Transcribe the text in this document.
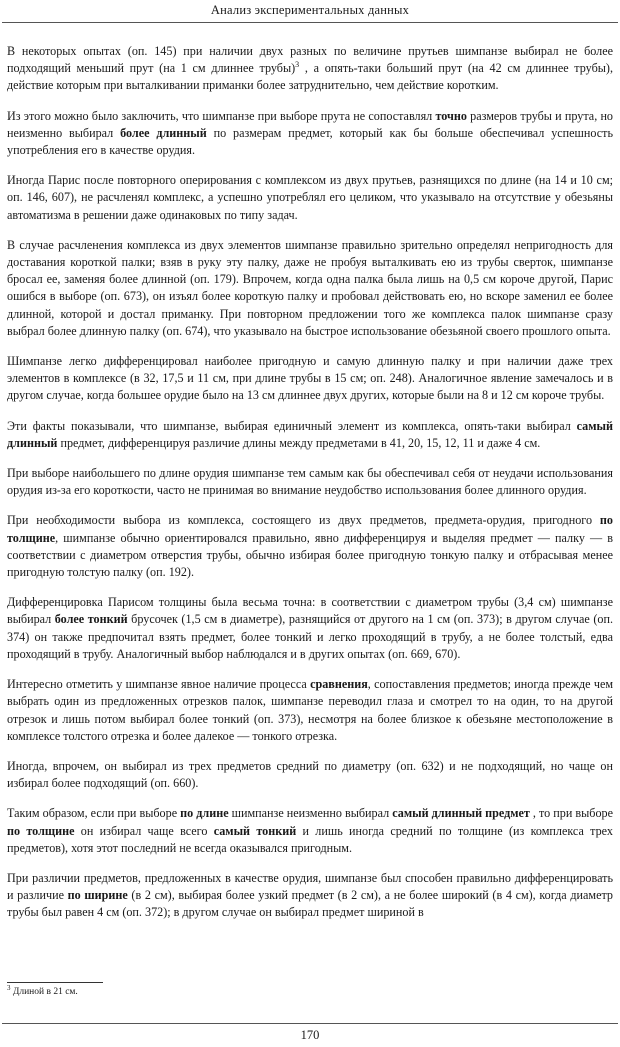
Анализ экспериментальных данных

В некоторых опытах (оп. 145) при наличии двух разных по величине прутьев шимпанзе выбирал не более подходящий меньший прут (на 1 см длиннее трубы)$^3$ , а опять-таки больший прут (на 42 см длиннее трубы), действие которым при выталкивании приманки более затруднительно, чем действие коротким.

Из этого можно было заключить, что шимпанзе при выборе прута не сопоставлял точно размеров трубы и прута, но неизменно выбирал более длинный по размерам предмет, который как бы больше обеспечивал успешность употребления его в качестве орудия.

Иногда Парис после повторного оперирования с комплексом из двух прутьев, разнящихся по длине (на 14 и 10 см; оп. 146, 607), не расчленял комплекс, а успешно употреблял его целиком, что указывало на отсутствие у обезьяны автоматизма в решении даже одинаковых по типу задач.

В случае расчленения комплекса из двух элементов шимпанзе правильно зрительно определял непригодность для доставания короткой палки; взяв в руку эту палку, даже не пробуя выталкивать ею из трубы сверток, шимпанзе бросал ее, заменяя более длинной (оп. 179). Впрочем, когда одна палка была лишь на 0,5 см короче другой, Парис ошибся в выборе (оп. 673), он изъял более короткую палку и пробовал действовать ею, но вскоре заменил ее более длинной, которой и достал приманку. При повторном предложении того же комплекса палок шимпанзе сразу выбрал более длинную палку (оп. 674), что указывало на быстрое использование обезьяной своего прошлого опыта.

Шимпанзе легко дифференцировал наиболее пригодную и самую длинную палку и при наличии даже трех элементов в комплексе (в 32, 17,5 и 11 см, при длине трубы в 15 см; оп. 248). Аналогичное явление замечалось и в другом случае, когда большее орудие было на 13 см длиннее двух других, которые были на 8 и 12 см короче трубы.

Эти факты показывали, что шимпанзе, выбирая единичный элемент из комплекса, опять-таки выбирал самый длинный предмет, дифференцируя различие длины между предметами в 41, 20, 15, 12, 11 и даже 4 см.

При выборе наибольшего по длине орудия шимпанзе тем самым как бы обеспечивал себя от неудачи использования орудия из-за его короткости, часто не принимая во внимание неудобство использования более длинного орудия.

При необходимости выбора из комплекса, состоящего из двух предметов, предмета-орудия, пригодного по толщине, шимпанзе обычно ориентировался правильно, явно дифференцируя и выделяя предмет — палку — в соответствии с диаметром отверстия трубы, обычно избирая более пригодную тонкую палку и отбрасывая менее пригодную толстую палку (оп. 192).

Дифференцировка Парисом толщины была весьма точна: в соответствии с диаметром трубы (3,4 см) шимпанзе выбирал более тонкий брусочек (1,5 см в диаметре), разнящийся от другого на 1 см (оп. 373); в другом случае (оп. 374) он также предпочитал взять предмет, более тонкий и легко проходящий в трубу, а не более толстый, едва проходящий в трубу. Аналогичный выбор наблюдался и в других опытах (оп. 669, 670).

Интересно отметить у шимпанзе явное наличие процесса сравнения, сопоставления предметов; иногда прежде чем выбрать один из предложенных отрезков палок, шимпанзе переводил глаза и смотрел то на один, то на другой отрезок и лишь потом выбирал более тонкий (оп. 373), несмотря на более близкое к обезьяне местоположение в комплексе толстого отрезка и более далекое — тонкого отрезка.

Иногда, впрочем, он выбирал из трех предметов средний по диаметру (оп. 632) и не подходящий, но чаще он избирал более подходящий (оп. 660).

Таким образом, если при выборе по длине шимпанзе неизменно выбирал самый длинный предмет , то при выборе по толщине он избирал чаще всего самый тонкий и лишь иногда средний по толщине (из комплекса трех предметов), хотя этот последний не всегда оказывался пригодным.

При различии предметов, предложенных в качестве орудия, шимпанзе был способен правильно дифференцировать и различие по ширине (в 2 см), выбирая более узкий предмет (в 2 см), а не более широкий (в 4 см), когда диаметр трубы был равен 4 см (оп. 372); в другом случае он выбирал предмет шириной в

$^3$ Длиной в 21 см.
170
